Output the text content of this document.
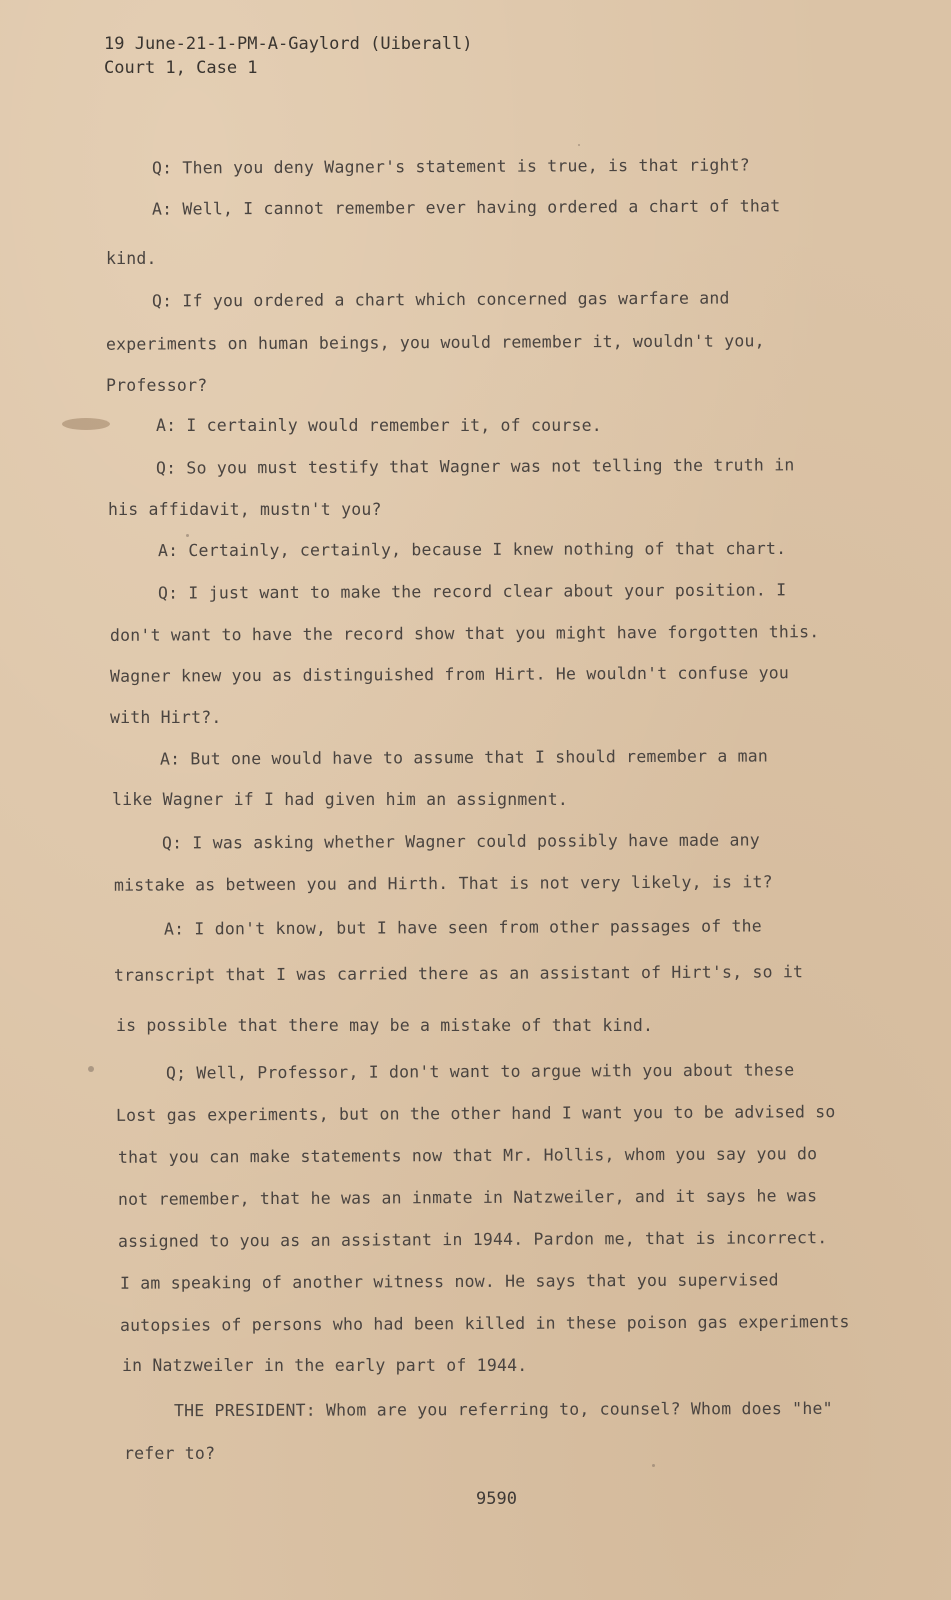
19 June-21-1-PM-A-Gaylord (Uiberall)
Court 1, Case 1
Q: Then you deny Wagner's statement is true, is that right?
A: Well, I cannot remember ever having ordered a chart of that
kind.
Q: If you ordered a chart which concerned gas warfare and
experiments on human beings, you would remember it, wouldn't you,
Professor?
A: I certainly would remember it, of course.
Q: So you must testify that Wagner was not telling the truth in
his affidavit, mustn't you?
A: Certainly, certainly, because I knew nothing of that chart.
Q: I just want to make the record clear about your position. I
don't want to have the record show that you might have forgotten this.
Wagner knew you as distinguished from Hirt. He wouldn't confuse you
with Hirt?.
A: But one would have to assume that I should remember a man
like Wagner if I had given him an assignment.
Q: I was asking whether Wagner could possibly have made any
mistake as between you and Hirth. That is not very likely, is it?
A: I don't know, but I have seen from other passages of the
transcript that I was carried there as an assistant of Hirt's, so it
is possible that there may be a mistake of that kind.
Q; Well, Professor, I don't want to argue with you about these
Lost gas experiments, but on the other hand I want you to be advised so
that you can make statements now that Mr. Hollis, whom you say you do
not remember, that he was an inmate in Natzweiler, and it says he was
assigned to you as an assistant in 1944. Pardon me, that is incorrect.
I am speaking of another witness now. He says that you supervised
autopsies of persons who had been killed in these poison gas experiments
in Natzweiler in the early part of 1944.
THE PRESIDENT: Whom are you referring to, counsel? Whom does "he"
refer to?
9590
